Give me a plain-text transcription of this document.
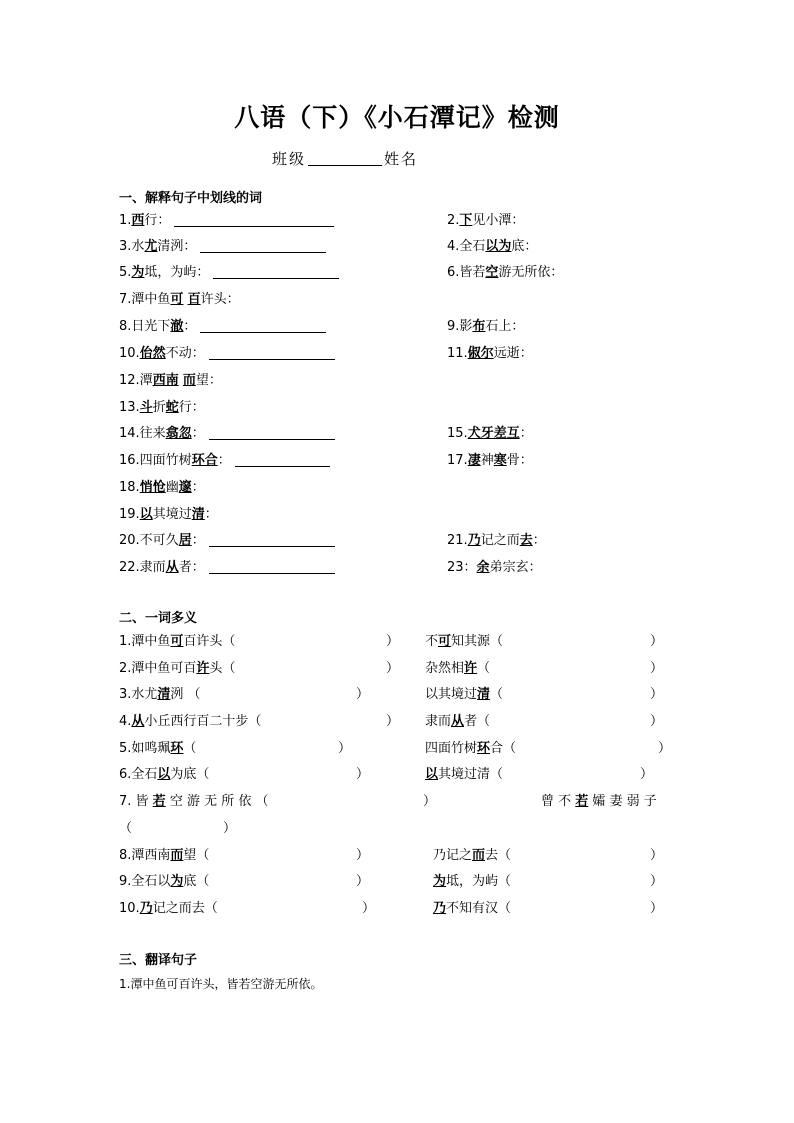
八语（下）《小石潭记》检测
班级	姓名
一、解释句子中划线的词
1.西行：	2.下见小潭：
3.水尤清洌：	4.全石以为底：
5.为坻，为屿：	6.皆若空游无所依：
7.潭中鱼可 百许头：
8.日光下澈：	9.影布石上：
10.佁然不动：	11.俶尔远逝：
12.潭西南 而望：
13.斗折蛇行：
14.往来翕忽：	15.犬牙差互：
16.四面竹树环合：	17.凄神寒骨：
18.悄怆幽邃：
19.以其境过清：
20.不可久居：	21.乃记之而去：
22.隶而从者：	23：余弟宗玄：
二、一词多义
1.潭中鱼可百许头（	） 不可知其源（	）
2.潭中鱼可百许头（	） 杂然相许（	）
3.水尤清洌 （	）	以其境过清（	）
4.从小丘西行百二十步（	） 隶而从者（	）
5.如鸣珮环（	）	四面竹树环合（	）
6.全石以为底（	）	以其境过清（	）
7. 皆 若 空 游 无 所 依 （	）	曾 不 若 孀 妻 弱 子
（　　　　　　　）
8.潭西南而望（	）	乃记之而去（	）
9.全石以为底（	）	为坻，为屿（	）
10.乃记之而去（	）	乃不知有汉（	）
三、翻译句子
1.潭中鱼可百许头，皆若空游无所依。
